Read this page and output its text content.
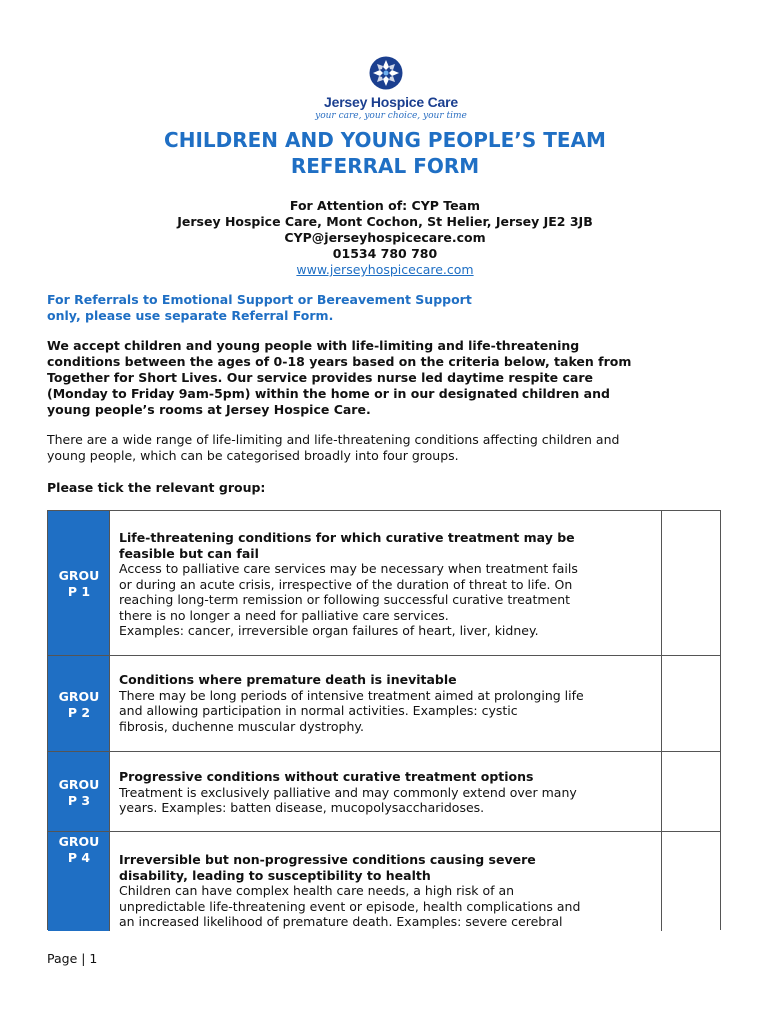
Jersey Hospice Care
your care, your choice, your time
CHILDREN AND YOUNG PEOPLE’S TEAM
REFERRAL FORM
For Attention of: CYP Team
Jersey Hospice Care, Mont Cochon, St Helier, Jersey JE2 3JB
CYP@jerseyhospicecare.com
01534 780 780
www.jerseyhospicecare.com
For Referrals to Emotional Support or Bereavement Support
only, please use separate Referral Form.
We accept children and young people with life-limiting and life-threatening
conditions between the ages of 0-18 years based on the criteria below, taken from
Together for Short Lives. Our service provides nurse led daytime respite care
(Monday to Friday 9am-5pm) within the home or in our designated children and
young people’s rooms at Jersey Hospice Care.
There are a wide range of life-limiting and life-threatening conditions affecting children and
young people, which can be categorised broadly into four groups.
Please tick the relevant group:
GROU
P 1
Life-threatening conditions for which curative treatment may be
feasible but can fail
Access to palliative care services may be necessary when treatment fails
or during an acute crisis, irrespective of the duration of threat to life. On
reaching long-term remission or following successful curative treatment
there is no longer a need for palliative care services.
Examples: cancer, irreversible organ failures of heart, liver, kidney.
GROU
P 2
Conditions where premature death is inevitable
There may be long periods of intensive treatment aimed at prolonging life
and allowing participation in normal activities. Examples: cystic
fibrosis, duchenne muscular dystrophy.
GROU
P 3
Progressive conditions without curative treatment options
Treatment is exclusively palliative and may commonly extend over many
years. Examples: batten disease, mucopolysaccharidoses.
GROU
P 4	Irreversible but non-progressive conditions causing severe
disability, leading to susceptibility to health
Children can have complex health care needs, a high risk of an
unpredictable life-threatening event or episode, health complications and
an increased likelihood of premature death. Examples: severe cerebral
Page | 1
